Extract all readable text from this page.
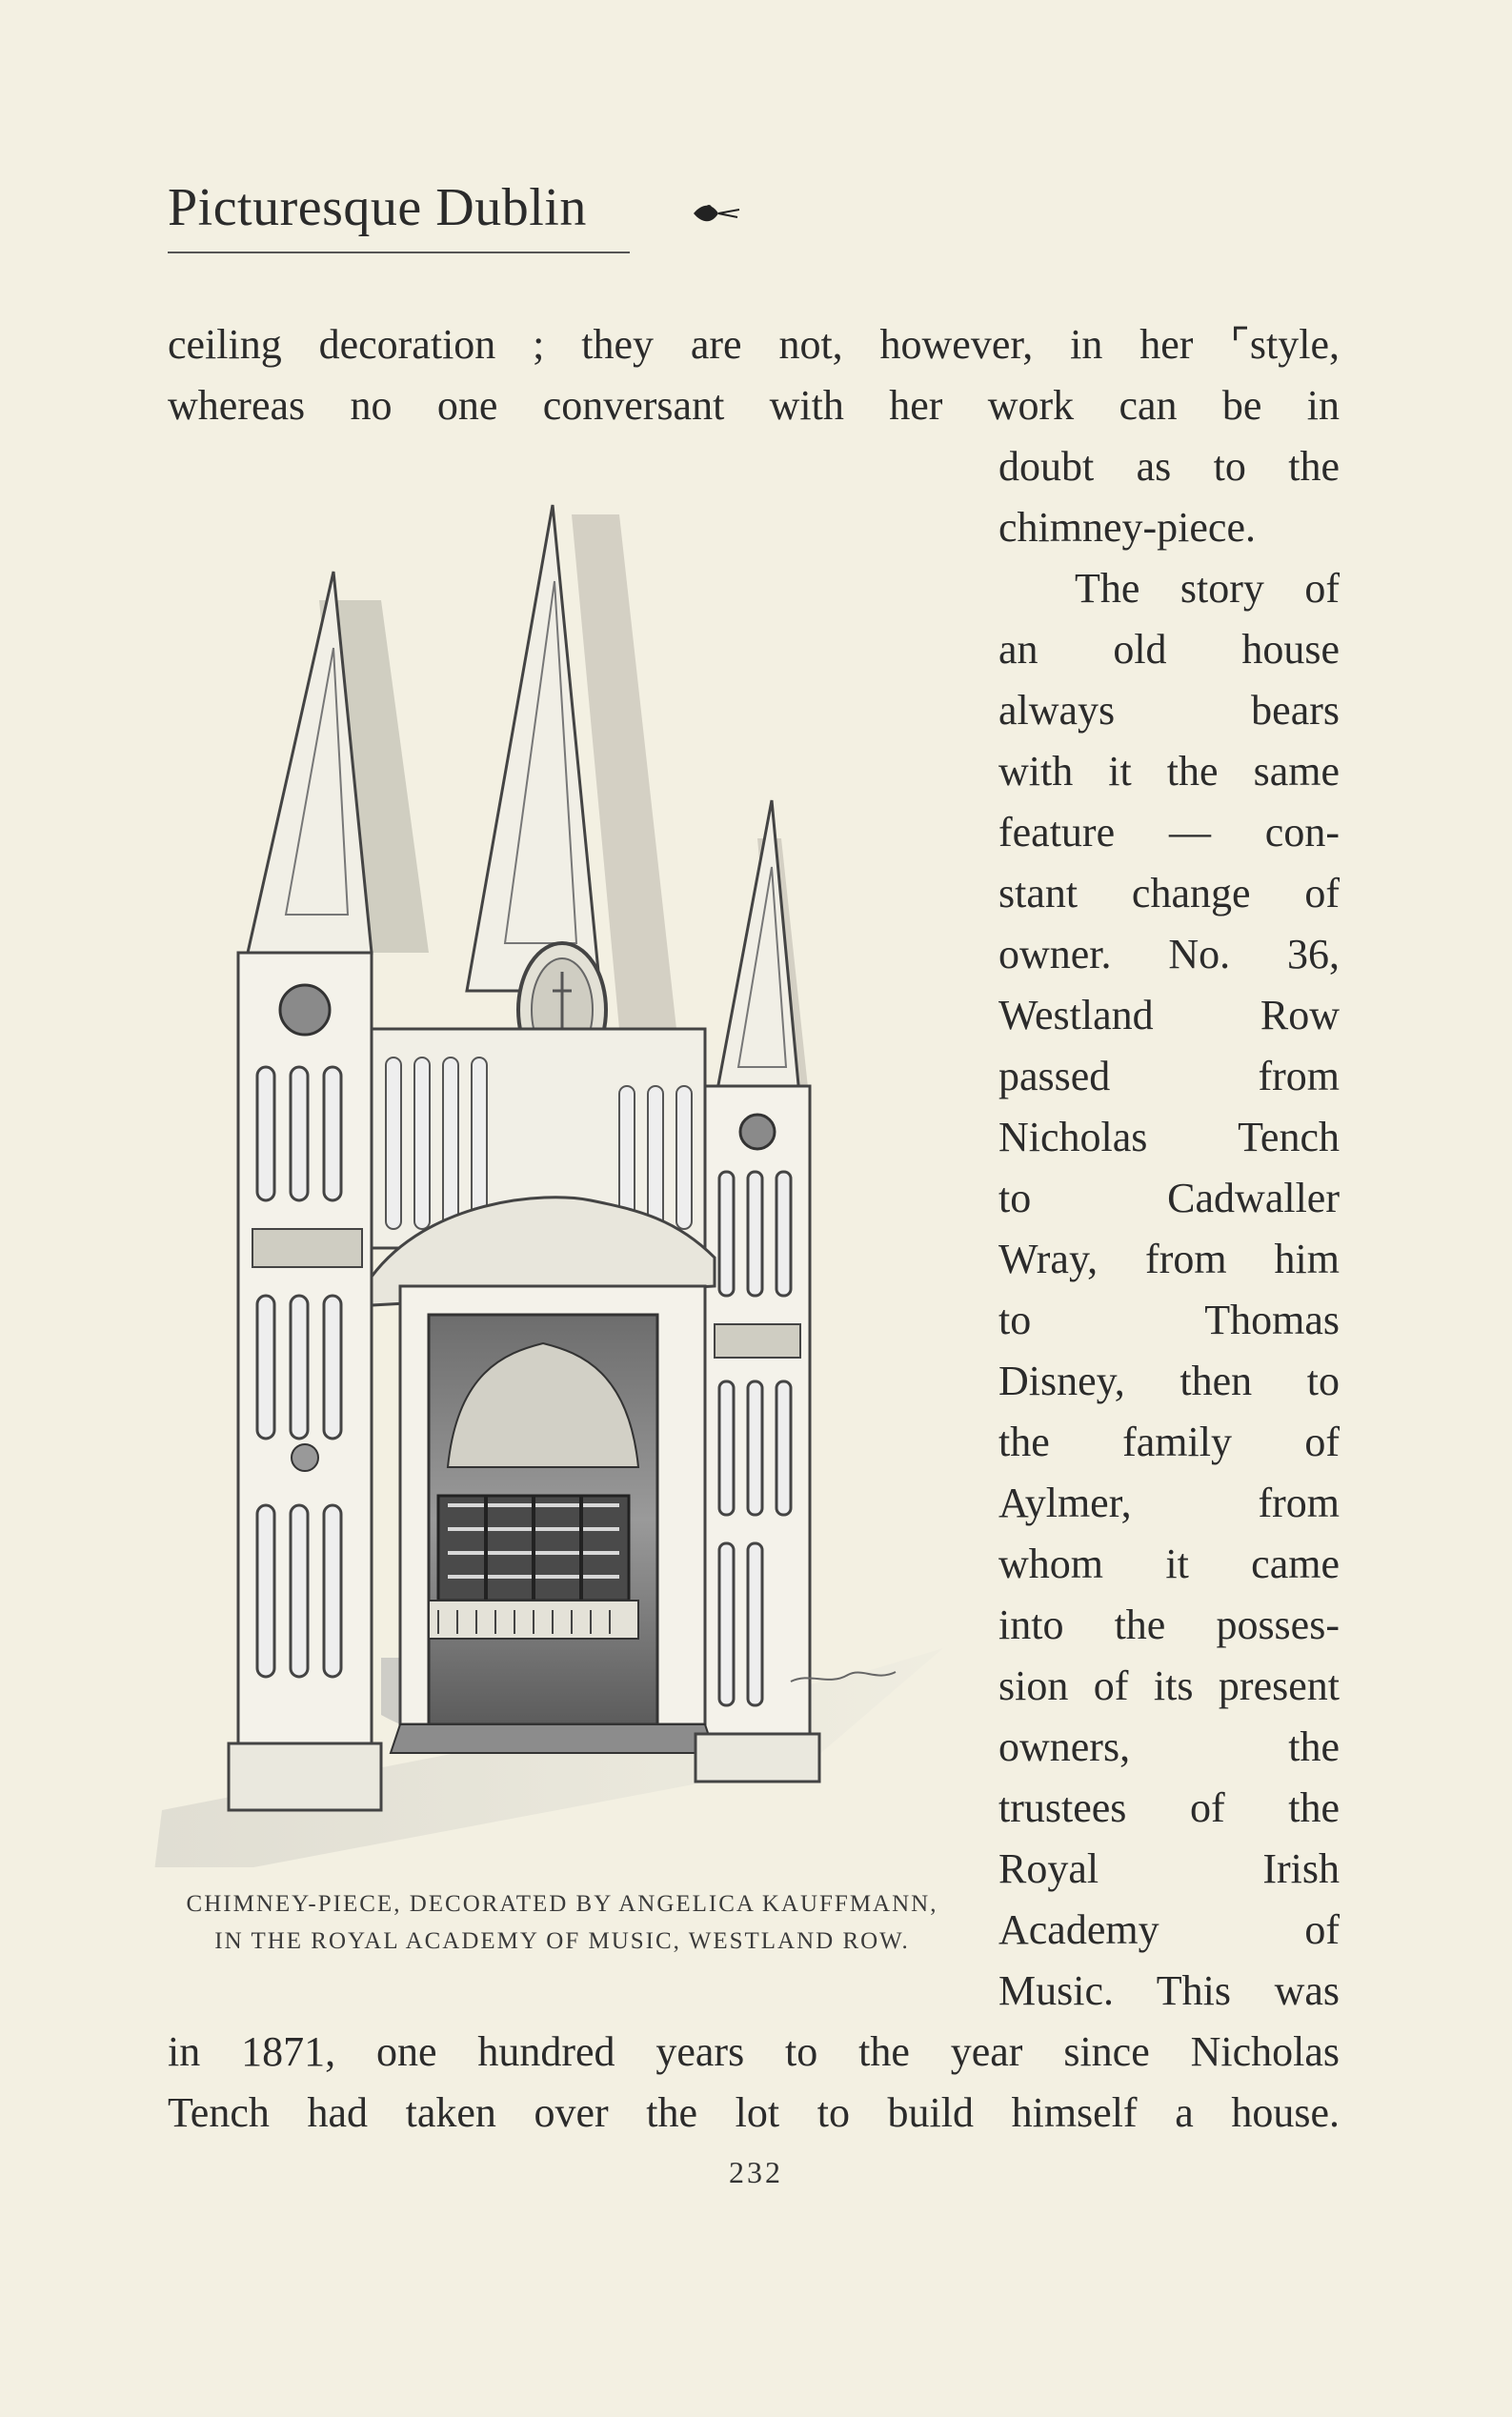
Picturesque Dublin
ceiling decoration ; they are not, however, in her ⌜style,
whereas no one conversant with her work can be in
doubt as to the
chimney-piece.
The story of
an old house
always bears
with it the same
feature — con-
stant change of
owner. No. 36,
Westland Row
passed from
Nicholas Tench
to Cadwaller
Wray, from him
to Thomas
Disney, then to
the family of
Aylmer, from
whom it came
into the posses-
sion of its present
owners, the
trustees of the
Royal Irish
Academy of
Music. This was
in 1871, one hundred years to the year since Nicholas
Tench had taken over the lot to build himself a house.
CHIMNEY-PIECE, DECORATED BY ANGELICA KAUFFMANN,
IN THE ROYAL ACADEMY OF MUSIC, WESTLAND ROW.
232
